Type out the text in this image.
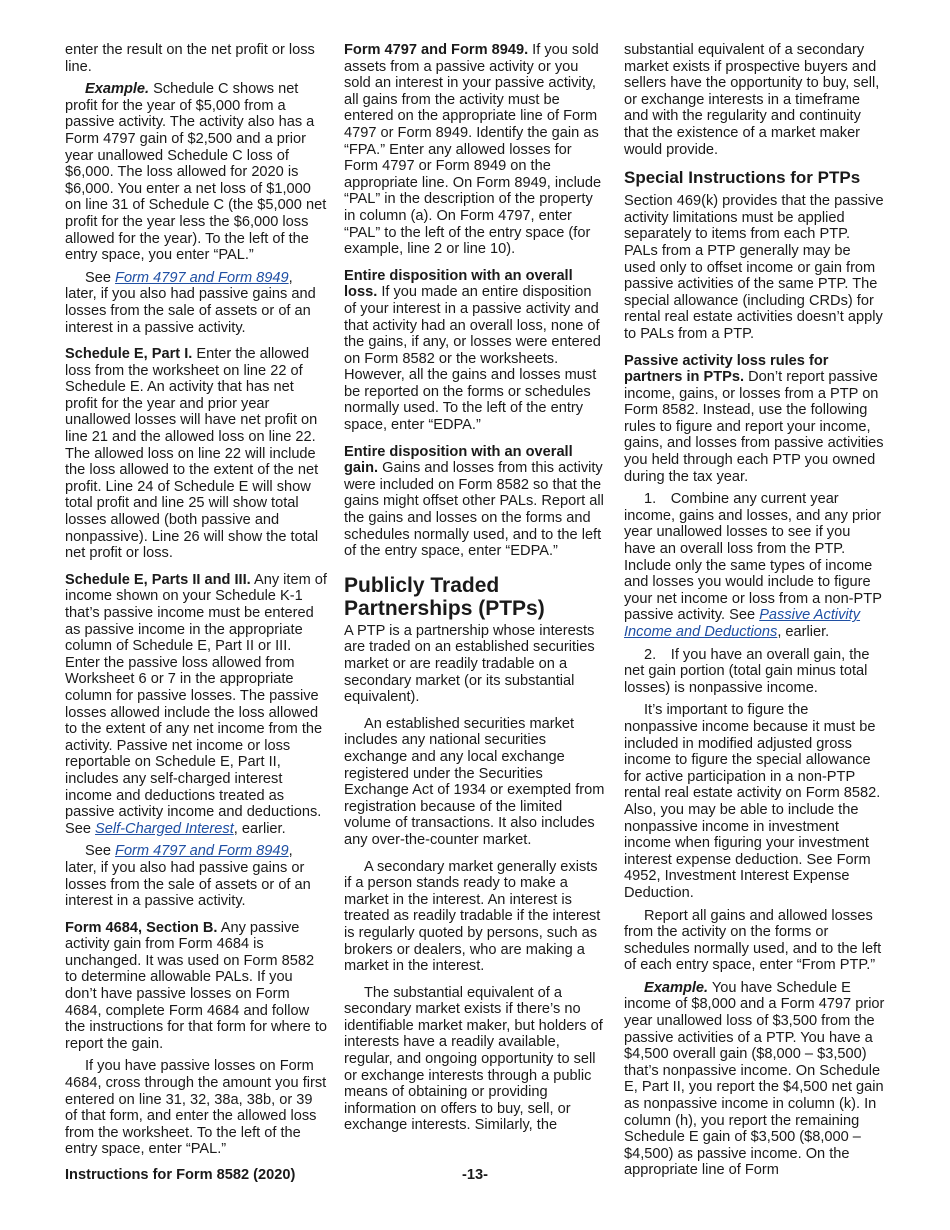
enter the result on the net profit or loss line.

Example. Schedule C shows net profit for the year of $5,000 from a passive activity. The activity also has a Form 4797 gain of $2,500 and a prior year unallowed Schedule C loss of $6,000. The loss allowed for 2020 is $6,000. You enter a net loss of $1,000 on line 31 of Schedule C (the $5,000 net profit for the year less the $6,000 loss allowed for the year). To the left of the entry space, you enter “PAL.”

See Form 4797 and Form 8949, later, if you also had passive gains and losses from the sale of assets or of an interest in a passive activity.

Schedule E, Part I. Enter the allowed loss from the worksheet on line 22 of Schedule E. An activity that has net profit for the year and prior year unallowed losses will have net profit on line 21 and the allowed loss on line 22. The allowed loss on line 22 will include the loss allowed to the extent of the net profit. Line 24 of Schedule E will show total profit and line 25 will show total losses allowed (both passive and nonpassive). Line 26 will show the total net profit or loss.

Schedule E, Parts II and III. Any item of income shown on your Schedule K-1 that’s passive income must be entered as passive income in the appropriate column of Schedule E, Part II or III. Enter the passive loss allowed from Worksheet 6 or 7 in the appropriate column for passive losses. The passive losses allowed include the loss allowed to the extent of any net income from the activity. Passive net income or loss reportable on Schedule E, Part II, includes any self-charged interest income and deductions treated as passive activity income and deductions. See Self-Charged Interest, earlier.

See Form 4797 and Form 8949, later, if you also had passive gains or losses from the sale of assets or of an interest in a passive activity.

Form 4684, Section B. Any passive activity gain from Form 4684 is unchanged. It was used on Form 8582 to determine allowable PALs. If you don’t have passive losses on Form 4684, complete Form 4684 and follow the instructions for that form for where to report the gain.

If you have passive losses on Form 4684, cross through the amount you first entered on line 31, 32, 38a, 38b, or 39 of that form, and enter the allowed loss from the worksheet. To the left of the entry space, enter “PAL.”

Form 4797 and Form 8949. If you sold assets from a passive activity or you sold an interest in your passive activity, all gains from the activity must be entered on the appropriate line of Form 4797 or Form 8949. Identify the gain as “FPA.” Enter any allowed losses for Form 4797 or Form 8949 on the appropriate line. On Form 8949, include “PAL” in the description of the property in column (a). On Form 4797, enter “PAL” to the left of the entry space (for example, line 2 or line 10).

Entire disposition with an overall loss. If you made an entire disposition of your interest in a passive activity and that activity had an overall loss, none of the gains, if any, or losses were entered on Form 8582 or the worksheets. However, all the gains and losses must be reported on the forms or schedules normally used. To the left of the entry space, enter “EDPA.”

Entire disposition with an overall gain. Gains and losses from this activity were included on Form 8582 so that the gains might offset other PALs. Report all the gains and losses on the forms and schedules normally used, and to the left of the entry space, enter “EDPA.”

Publicly Traded Partnerships (PTPs)

A PTP is a partnership whose interests are traded on an established securities market or are readily tradable on a secondary market (or its substantial equivalent).

An established securities market includes any national securities exchange and any local exchange registered under the Securities Exchange Act of 1934 or exempted from registration because of the limited volume of transactions. It also includes any over-the-counter market.

A secondary market generally exists if a person stands ready to make a market in the interest. An interest is treated as readily tradable if the interest is regularly quoted by persons, such as brokers or dealers, who are making a market in the interest.

The substantial equivalent of a secondary market exists if there’s no identifiable market maker, but holders of interests have a readily available, regular, and ongoing opportunity to sell or exchange interests through a public means of obtaining or providing information on offers to buy, sell, or exchange interests. Similarly, the

substantial equivalent of a secondary market exists if prospective buyers and sellers have the opportunity to buy, sell, or exchange interests in a timeframe and with the regularity and continuity that the existence of a market maker would provide.

Special Instructions for PTPs

Section 469(k) provides that the passive activity limitations must be applied separately to items from each PTP. PALs from a PTP generally may be used only to offset income or gain from passive activities of the same PTP. The special allowance (including CRDs) for rental real estate activities doesn’t apply to PALs from a PTP.

Passive activity loss rules for partners in PTPs. Don’t report passive income, gains, or losses from a PTP on Form 8582. Instead, use the following rules to figure and report your income, gains, and losses from passive activities you held through each PTP you owned during the tax year.

1. Combine any current year income, gains and losses, and any prior year unallowed losses to see if you have an overall loss from the PTP. Include only the same types of income and losses you would include to figure your net income or loss from a non-PTP passive activity. See Passive Activity Income and Deductions, earlier.

2. If you have an overall gain, the net gain portion (total gain minus total losses) is nonpassive income.

It’s important to figure the nonpassive income because it must be included in modified adjusted gross income to figure the special allowance for active participation in a non-PTP rental real estate activity on Form 8582. Also, you may be able to include the nonpassive income in investment income when figuring your investment interest expense deduction. See Form 4952, Investment Interest Expense Deduction.

Report all gains and allowed losses from the activity on the forms or schedules normally used, and to the left of each entry space, enter “From PTP.”

Example. You have Schedule E income of $8,000 and a Form 4797 prior year unallowed loss of $3,500 from the passive activities of a PTP. You have a $4,500 overall gain ($8,000 – $3,500) that’s nonpassive income. On Schedule E, Part II, you report the $4,500 net gain as nonpassive income in column (k). In column (h), you report the remaining Schedule E gain of $3,500 ($8,000 – $4,500) as passive income. On the appropriate line of Form

Instructions for Form 8582 (2020)	-13-
